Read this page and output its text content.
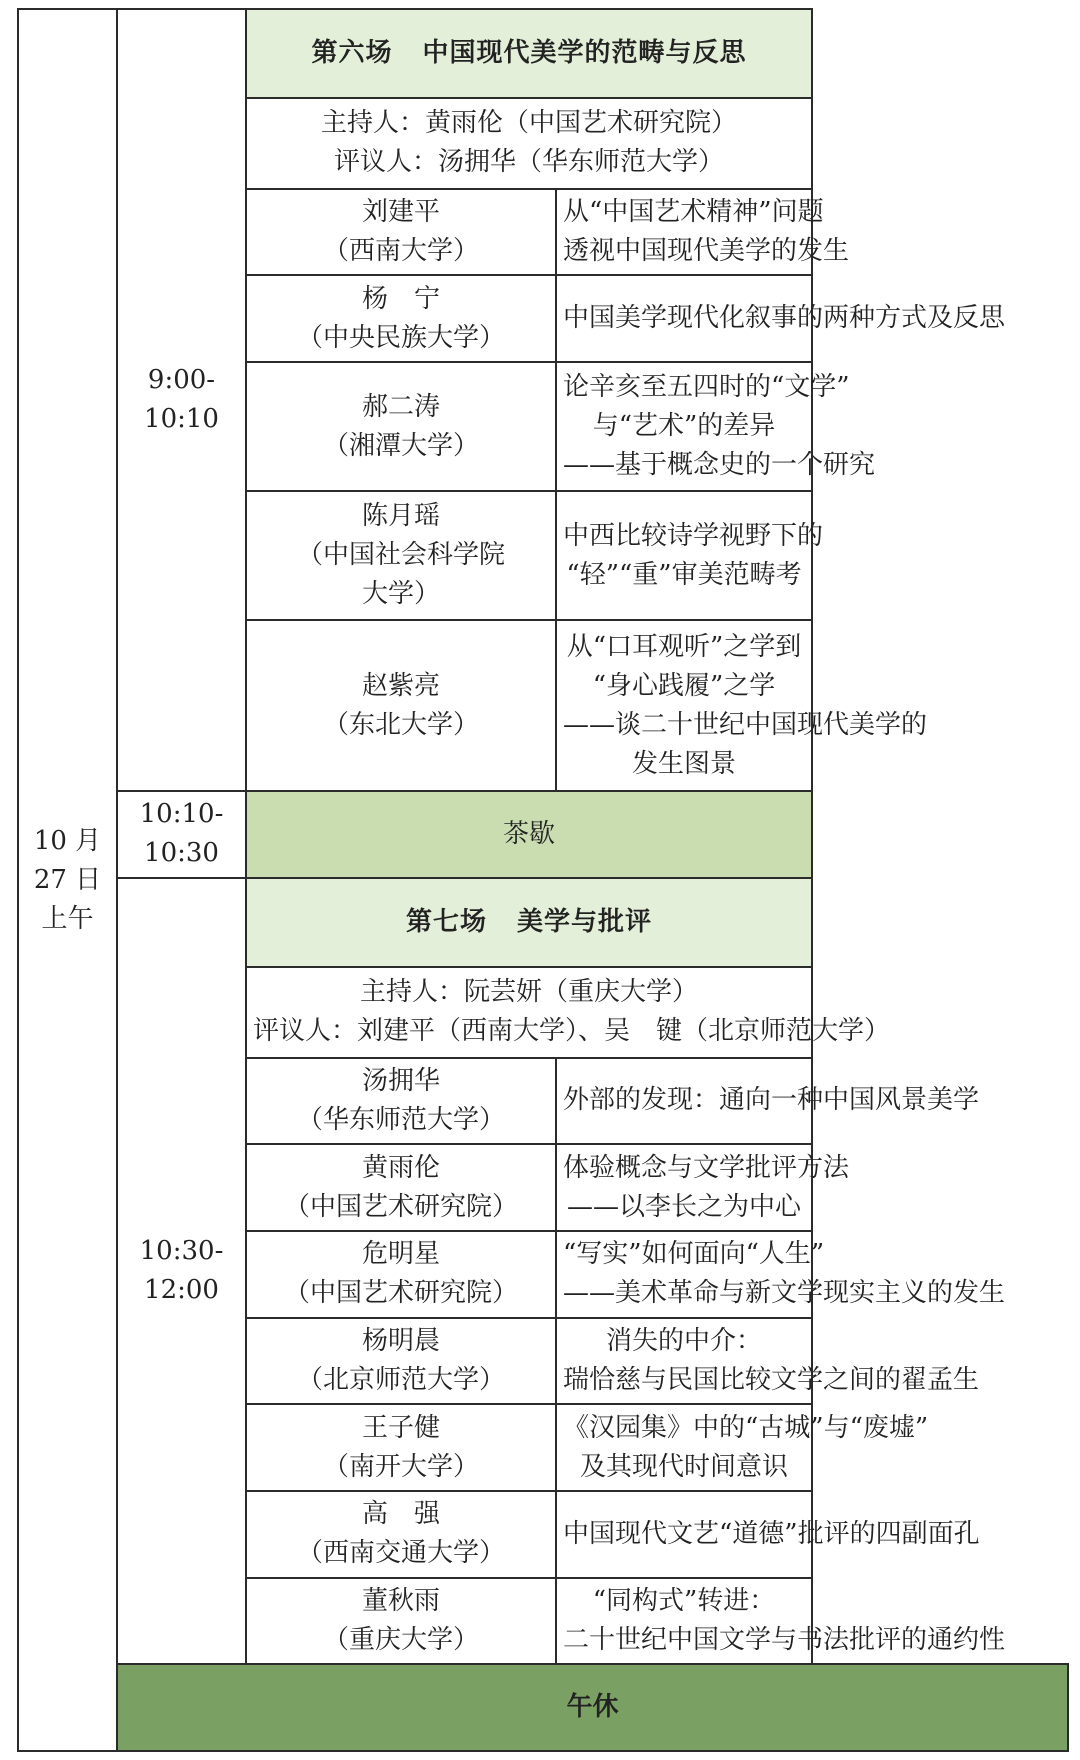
10 月
27 日
上午	9:00-
10:10	第六场 中国现代美学的范畴与反思	

		主持人：黄雨伦（中国艺术研究院）
评议人：汤拥华（华东师范大学）	

		刘建平
（西南大学）	从“中国艺术精神”问题
透视中国现代美学的发生

		杨　宁
（中央民族大学）	中国美学现代化叙事的两种方式及反思

		郝二涛
（湘潭大学）	论辛亥至五四时的“文学”
与“艺术”的差异
——基于概念史的一个研究

		陈月瑶
（中国社会科学院
大学）	中西比较诗学视野下的
“轻”“重”审美范畴考

		赵紫亮
（东北大学）	从“口耳观听”之学到
“身心践履”之学
——谈二十世纪中国现代美学的
发生图景

	10:10-
10:30	茶歇	

	10:30-
12:00	第七场 美学与批评	

		主持人：阮芸妍（重庆大学）
评议人：刘建平（西南大学）、吴　键（北京师范大学）	

		汤拥华
（华东师范大学）	外部的发现：通向一种中国风景美学

		黄雨伦
（中国艺术研究院）	体验概念与文学批评方法
——以李长之为中心

		危明星
（中国艺术研究院）	“写实”如何面向“人生”
——美术革命与新文学现实主义的发生

		杨明晨
（北京师范大学）	消失的中介：
瑞恰慈与民国比较文学之间的翟孟生

		王子健
（南开大学）	《汉园集》中的“古城”与“废墟”
及其现代时间意识

		高　强
（西南交通大学）	中国现代文艺“道德”批评的四副面孔

		董秋雨
（重庆大学）	“同构式”转进：
二十世纪中国文学与书法批评的通约性

	午休		
